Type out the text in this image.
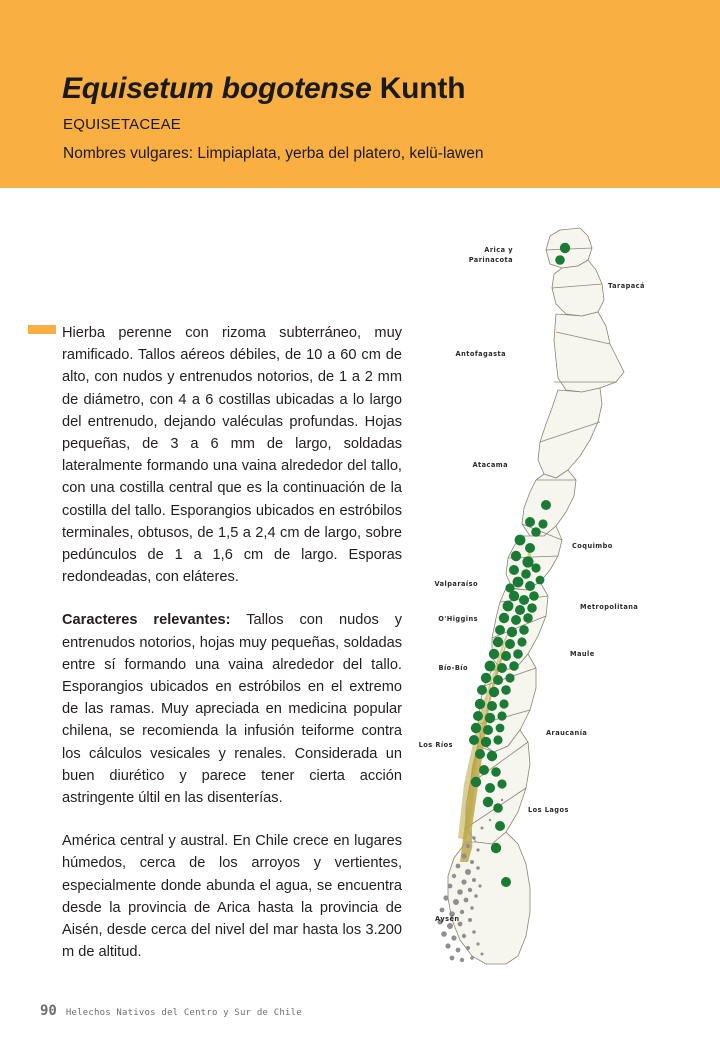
Equisetum bogotense Kunth
EQUISETACEAE
Nombres vulgares: Limpiaplata, yerba del platero, kelü-lawen

Hierba perenne con rizoma subterráneo, muy ramificado. Tallos aéreos débiles, de 10 a 60 cm de alto, con nudos y entrenudos notorios, de 1 a 2 mm de diámetro, con 4 a 6 costillas ubicadas a lo largo del entrenudo, dejando valéculas profundas. Hojas pequeñas, de 3 a 6 mm de largo, soldadas lateralmente formando una vaina alrededor del tallo, con una costilla central que es la continuación de la costilla del tallo. Esporangios ubicados en estróbilos terminales, obtusos, de 1,5 a 2,4 cm de largo, sobre pedúnculos de 1 a 1,6 cm de largo. Esporas redondeadas, con eláteres.

Caracteres relevantes: Tallos con nudos y entrenudos notorios, hojas muy pequeñas, soldadas entre sí formando una vaina alrededor del tallo. Esporangios ubicados en estróbilos en el extremo de las ramas. Muy apreciada en medicina popular chilena, se recomienda la infusión teiforme contra los cálculos vesicales y renales. Considerada un buen diurético y parece tener cierta acción astringente últil en las disenterías.

América central y austral. En Chile crece en lugares húmedos, cerca de los arroyos y vertientes, especialmente donde abunda el agua, se encuentra desde la provincia de Arica hasta la provincia de Aisén, desde cerca del nivel del mar hasta los 3.200 m de altitud.

Arica y
Parinacota
Tarapacá
Antofagasta
Atacama
Coquimbo
Valparaíso
Metropolitana
O'Higgins
Maule
Bío-Bío
Araucanía
Los Ríos
Los Lagos
Aysén
90 Helechos Nativos del Centro y Sur de Chile
